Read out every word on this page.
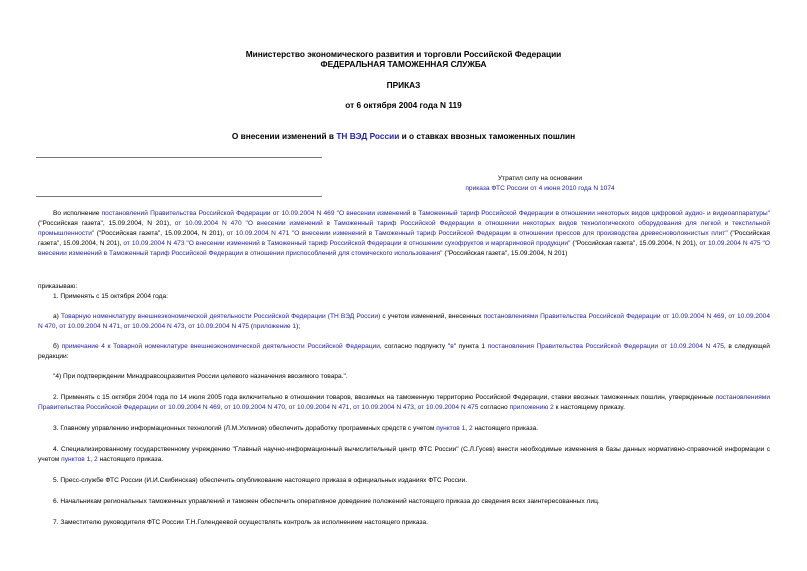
Министерство экономического развития и торговли Российской Федерации
ФЕДЕРАЛЬНАЯ ТАМОЖЕННАЯ СЛУЖБА
ПРИКАЗ
от 6 октября 2004 года N 119
О внесении изменений в ТН ВЭД России и о ставках ввозных таможенных пошлин
Утратил силу на основании
приказа ФТС России от 4 июня 2010 года N 1074
Во исполнение постановлений Правительства Российской Федерации от 10.09.2004 N 469 "О внесении изменений в Таможенный тариф Российской Федерации в отношении некоторых видов цифровой аудио- и видеоаппаратуры" ("Российская газета", 15.09.2004, N 201), от 10.09.2004 N 470 "О внесении изменений в Таможенный тариф Российской Федерации в отношении некоторых видов технологического оборудования для легкой и текстильной промышленности" ("Российская газета", 15.09.2004, N 201), от 10.09.2004 N 471 "О внесении изменений в Таможенный тариф Российской Федерации в отношении прессов для производства древесноволокнистых плит" ("Российская газета", 15.09.2004, N 201), от 10.09.2004 N 473 "О внесении изменений в Таможенный тариф Российской Федерации в отношении сухофруктов и маргариновой продукции" ("Российская газета", 15.09.2004, N 201), от 10.09.2004 N 475 "О внесении изменений в Таможенный тариф Российской Федерации в отношении приспособлений для стомического использования" ("Российская газета", 15.09.2004, N 201)
приказываю:
1. Применять с 15 октября 2004 года:
а) Товарную номенклатуру внешнеэкономической деятельности Российской Федерации (ТН ВЭД России) с учетом изменений, внесенных постановлениями Правительства Российской Федерации от 10.09.2004 N 469, от 10.09.2004 N 470, от 10.09.2004 N 471, от 10.09.2004 N 473, от 10.09.2004 N 475 (приложение 1);
б) примечание 4 к Товарной номенклатуре внешнеэкономической деятельности Российской Федерации, согласно подпункту "в" пункта 1 постановления Правительства Российской Федерации от 10.09.2004 N 475, в следующей редакции:
"4) При подтверждении Минздравсоцразвития России целевого назначения ввозимого товара.".
2. Применять с 15 октября 2004 года по 14 июля 2005 года включительно в отношении товаров, ввозимых на таможенную территорию Российской Федерации, ставки ввозных таможенных пошлин, утвержденные постановлениями Правительства Российской Федерации от 10.09.2004 N 469, от 10.09.2004 N 470, от 10.09.2004 N 471, от 10.09.2004 N 473, от 10.09.2004 N 475 согласно приложению 2 к настоящему приказу.
3. Главному управлению информационных технологий (Л.М.Ухлинов) обеспечить доработку программных средств с учетом пунктов 1, 2 настоящего приказа.
4. Специализированному государственному учреждению "Главный научно-информационный вычислительный центр ФТС России" (С.Л.Гусев) внести необходимые изменения в базы данных нормативно-справочной информации с учетом пунктов 1, 2 настоящего приказа.
5. Пресс-службе ФТС России (И.И.Скибинская) обеспечить опубликование настоящего приказа в официальных изданиях ФТС России.
6. Начальникам региональных таможенных управлений и таможен обеспечить оперативное доведение положений настоящего приказа до сведения всех заинтересованных лиц.
7. Заместителю руководителя ФТС России Т.Н.Голендеевой осуществлять контроль за исполнением настоящего приказа.
